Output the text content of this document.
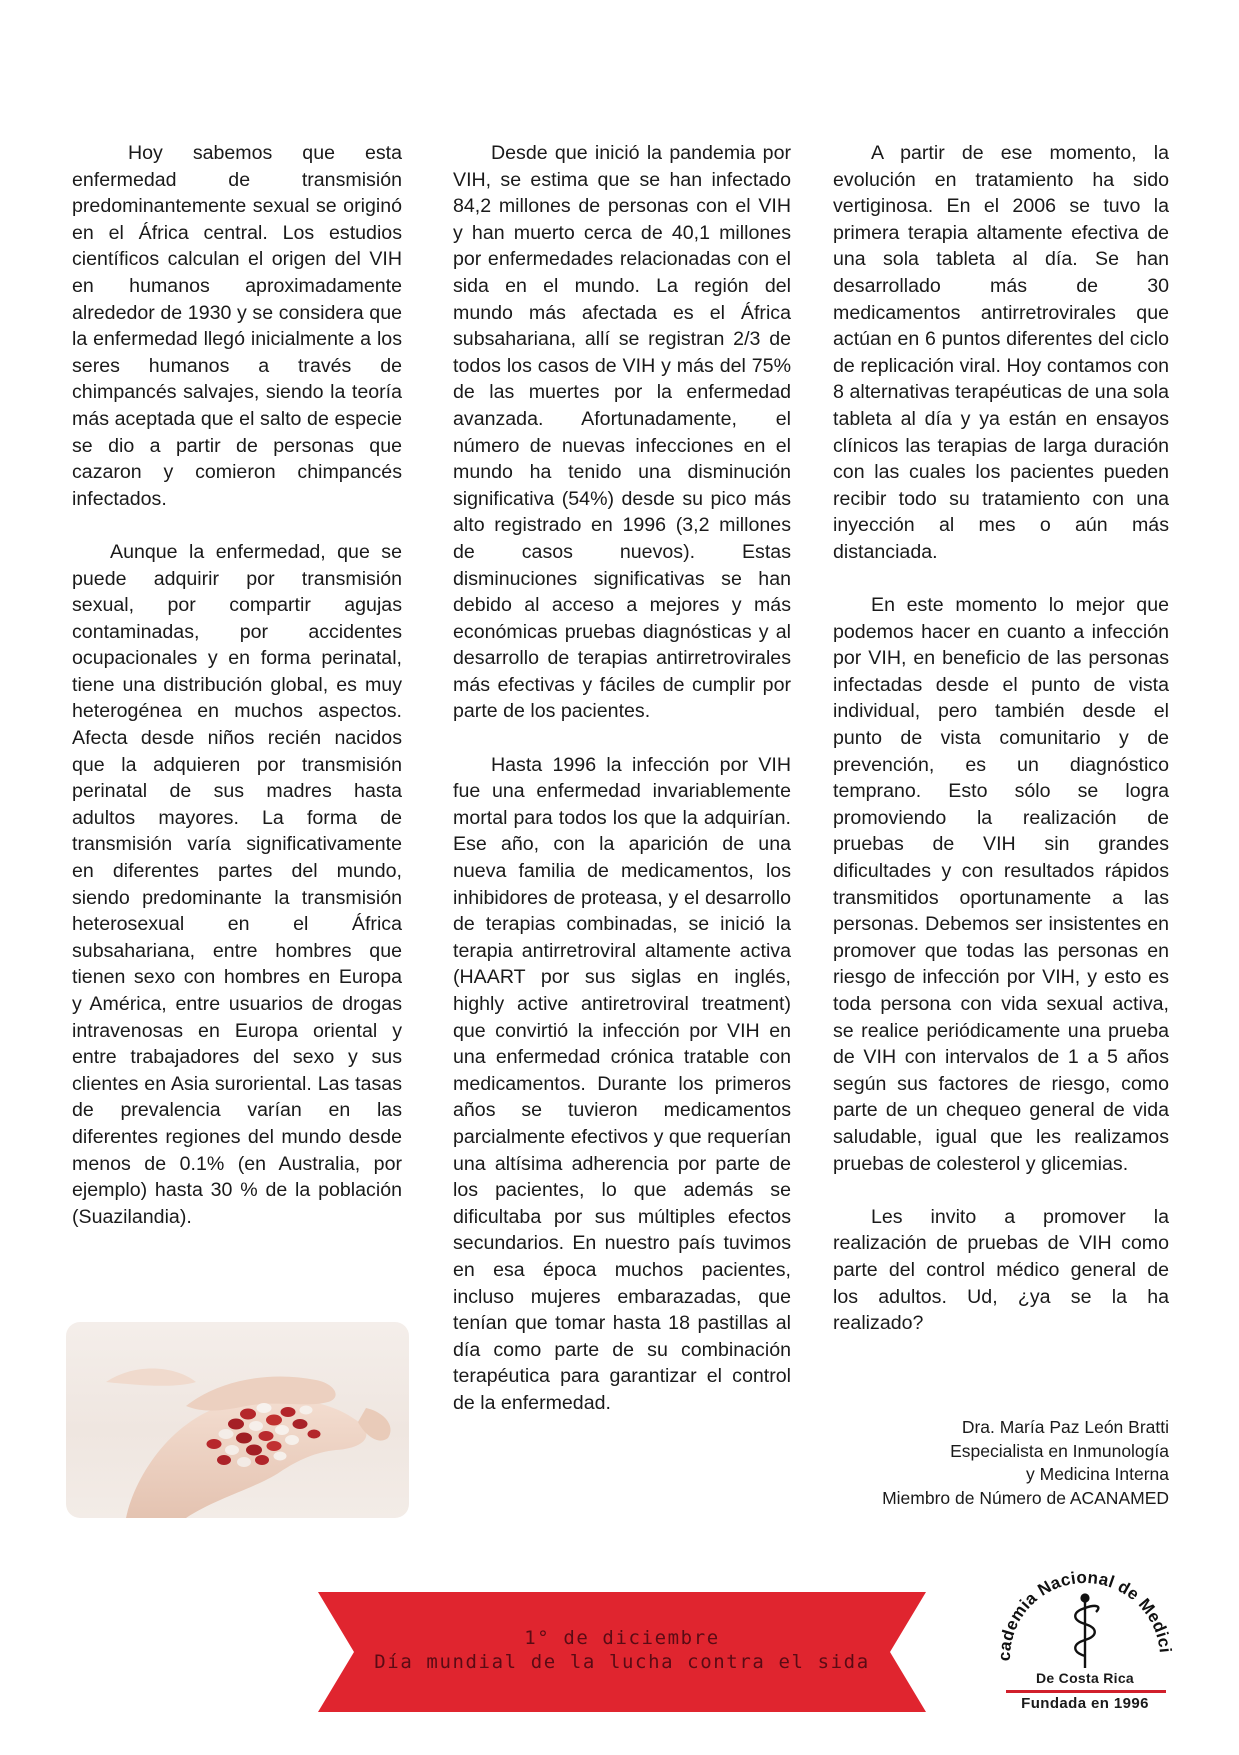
Hoy sabemos que esta enfermedad de transmisión predominantemente sexual se originó en el África central. Los estudios científicos calculan el origen del VIH en humanos aproximadamente alrededor de 1930 y se considera que la enfermedad llegó inicialmente a los seres humanos a través de chimpancés salvajes, siendo la teoría más aceptada que el salto de especie se dio a partir de personas que cazaron y comieron chimpancés infectados.

Aunque la enfermedad, que se puede adquirir por transmisión sexual, por compartir agujas contaminadas, por accidentes ocupacionales y en forma perinatal, tiene una distribución global, es muy heterogénea en muchos aspectos. Afecta desde niños recién nacidos que la adquieren por transmisión perinatal de sus madres hasta adultos mayores. La forma de transmisión varía significativamente en diferentes partes del mundo, siendo predominante la transmisión heterosexual en el África subsahariana, entre hombres que tienen sexo con hombres en Europa y América, entre usuarios de drogas intravenosas en Europa oriental y entre trabajadores del sexo y sus clientes en Asia suroriental. Las tasas de prevalencia varían en las diferentes regiones del mundo desde menos de 0.1% (en Australia, por ejemplo) hasta 30 % de la población (Suazilandia).

Desde que inició la pandemia por VIH, se estima que se han infectado 84,2 millones de personas con el VIH y han muerto cerca de 40,1 millones por enfermedades relacionadas con el sida en el mundo. La región del mundo más afectada es el África subsahariana, allí se registran 2/3 de todos los casos de VIH y más del 75% de las muertes por la enfermedad avanzada. Afortunadamente, el número de nuevas infecciones en el mundo ha tenido una disminución significativa (54%) desde su pico más alto registrado en 1996 (3,2 millones de casos nuevos). Estas disminuciones significativas se han debido al acceso a mejores y más económicas pruebas diagnósticas y al desarrollo de terapias antirretrovirales más efectivas y fáciles de cumplir por parte de los pacientes.

Hasta 1996 la infección por VIH fue una enfermedad invariablemente mortal para todos los que la adquirían. Ese año, con la aparición de una nueva familia de medicamentos, los inhibidores de proteasa, y el desarrollo de terapias combinadas, se inició la terapia antirretroviral altamente activa (HAART por sus siglas en inglés, highly active antiretroviral treatment) que convirtió la infección por VIH en una enfermedad crónica tratable con medicamentos. Durante los primeros años se tuvieron medicamentos parcialmente efectivos y que requerían una altísima adherencia por parte de los pacientes, lo que además se dificultaba por sus múltiples efectos secundarios. En nuestro país tuvimos en esa época muchos pacientes, incluso mujeres embarazadas, que tenían que tomar hasta 18 pastillas al día como parte de su combinación terapéutica para garantizar el control de la enfermedad.

A partir de ese momento, la evolución en tratamiento ha sido vertiginosa. En el 2006 se tuvo la primera terapia altamente efectiva de una sola tableta al día. Se han desarrollado más de 30 medicamentos antirretrovirales que actúan en 6 puntos diferentes del ciclo de replicación viral. Hoy contamos con 8 alternativas terapéuticas de una sola tableta al día y ya están en ensayos clínicos las terapias de larga duración con las cuales los pacientes pueden recibir todo su tratamiento con una inyección al mes o aún más distanciada.

En este momento lo mejor que podemos hacer en cuanto a infección por VIH, en beneficio de las personas infectadas desde el punto de vista individual, pero también desde el punto de vista comunitario y de prevención, es un diagnóstico temprano. Esto sólo se logra promoviendo la realización de pruebas de VIH sin grandes dificultades y con resultados rápidos transmitidos oportunamente a las personas. Debemos ser insistentes en promover que todas las personas en riesgo de infección por VIH, y esto es toda persona con vida sexual activa, se realice periódicamente una prueba de VIH con intervalos de 1 a 5 años según sus factores de riesgo, como parte de un chequeo general de vida saludable, igual que les realizamos pruebas de colesterol y glicemias.

Les invito a promover la realización de pruebas de VIH como parte del control médico general de los adultos. Ud, ¿ya se la ha realizado?

Dra. María Paz León Bratti
Especialista en Inmunología
y Medicina Interna
Miembro de Número de ACANAMED
1° de diciembre
Día mundial de la lucha contra el sida	cademia Nacional de Medici
De Costa Rica
Fundada en 1996
